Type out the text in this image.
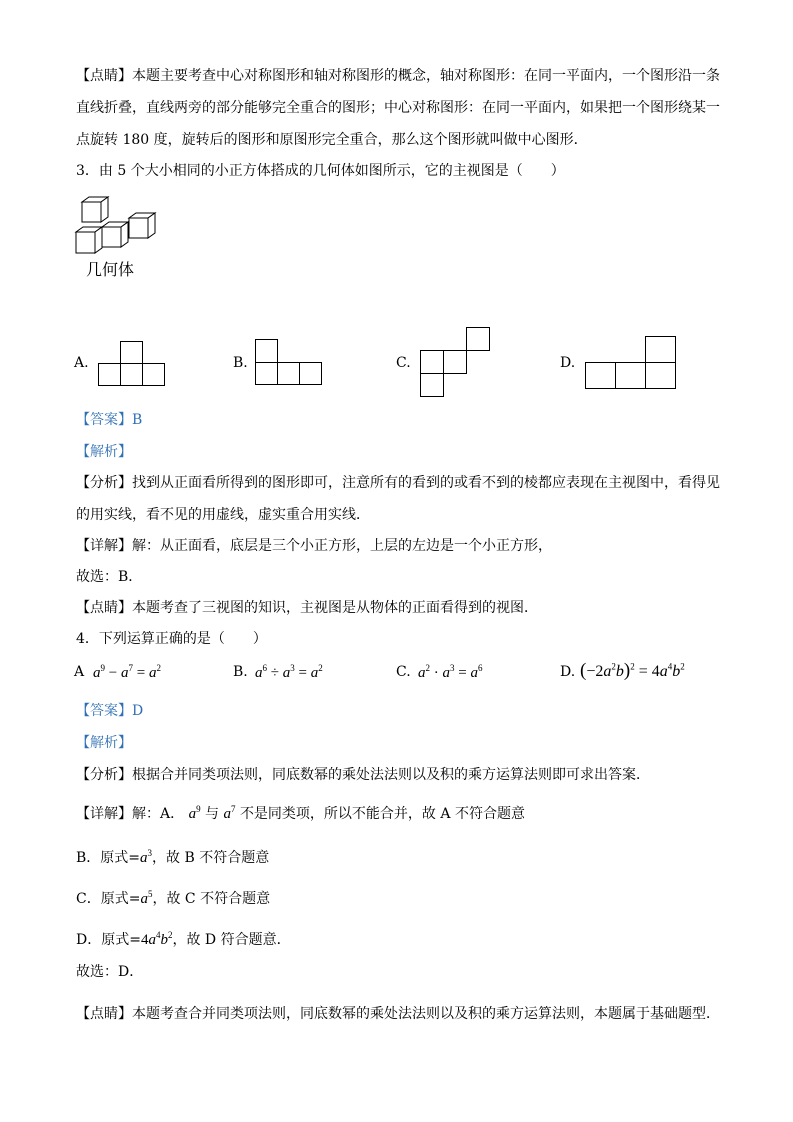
【点睛】本题主要考查中心对称图形和轴对称图形的概念，轴对称图形：在同一平面内，一个图形沿一条
直线折叠，直线两旁的部分能够完全重合的图形；中心对称图形：在同一平面内，如果把一个图形绕某一
点旋转 180 度，旋转后的图形和原图形完全重合，那么这个图形就叫做中心图形．
3．由 5 个大小相同的小正方体搭成的几何体如图所示，它的主视图是（　　）
几何体
A.	B.	C.	D.
【答案】B
【解析】
【分析】找到从正面看所得到的图形即可，注意所有的看到的或看不到的棱都应表现在主视图中，看得见
的用实线，看不见的用虚线，虚实重合用实线．
【详解】解：从正面看，底层是三个小正方形，上层的左边是一个小正方形，
故选：B．
【点睛】本题考查了三视图的知识，主视图是从物体的正面看得到的视图．
4．下列运算正确的是（　　）
A $a^9 - a^7 = a^2$	B. $a^6 \div a^3 = a^2$	C. $a^2 \cdot a^3 = a^6$	D. $(-2a^2b)^2 = 4a^4b^2$
【答案】D
【解析】
【分析】根据合并同类项法则，同底数幂的乘处法法则以及积的乘方运算法则即可求出答案．
【详解】解：A． $a^9$ 与 $a^7$ 不是同类项，所以不能合并，故 A 不符合题意
B．原式$=a^3$，故 B 不符合题意
C．原式$=a^5$，故 C 不符合题意
D．原式$=4a^4b^2$，故 D 符合题意．
故选：D．
【点睛】本题考查合并同类项法则，同底数幂的乘处法法则以及积的乘方运算法则，本题属于基础题型．
